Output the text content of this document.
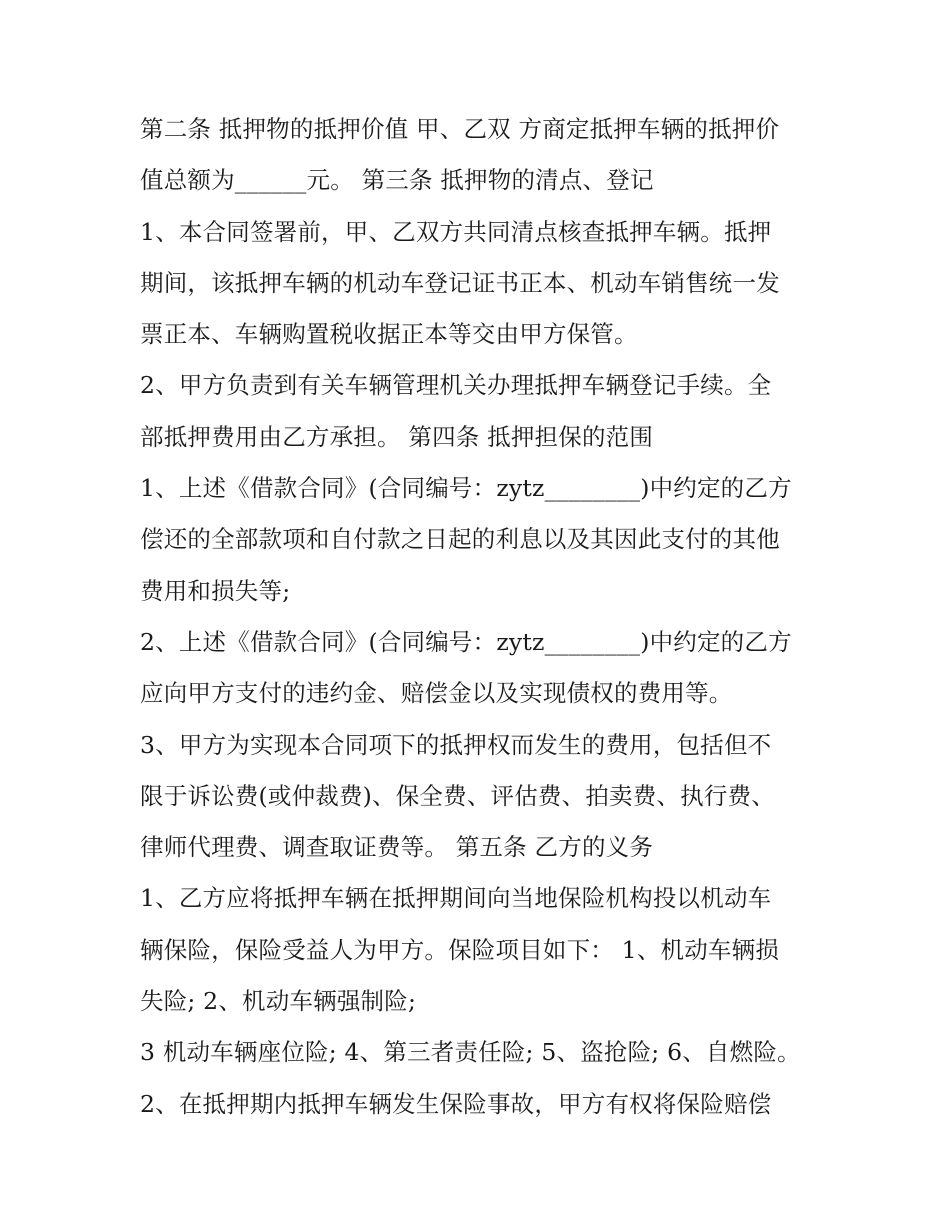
第二条 抵押物的抵押价值 甲、乙双 方商定抵押车辆的抵押价
值总额为______元。 第三条 抵押物的清点、登记
1、本合同签署前，甲、乙双方共同清点核查抵押车辆。抵押
期间，该抵押车辆的机动车登记证书正本、机动车销售统一发
票正本、车辆购置税收据正本等交由甲方保管。
2、甲方负责到有关车辆管理机关办理抵押车辆登记手续。全
部抵押费用由乙方承担。 第四条 抵押担保的范围
1、上述《借款合同》(合同编号：zytz________)中约定的乙方
偿还的全部款项和自付款之日起的利息以及其因此支付的其他
费用和损失等;
2、上述《借款合同》(合同编号：zytz________)中约定的乙方
应向甲方支付的违约金、赔偿金以及实现债权的费用等。
3、甲方为实现本合同项下的抵押权而发生的费用，包括但不
限于诉讼费(或仲裁费)、保全费、评估费、拍卖费、执行费、
律师代理费、调查取证费等。 第五条 乙方的义务
1、乙方应将抵押车辆在抵押期间向当地保险机构投以机动车
辆保险，保险受益人为甲方。保险项目如下： 1、机动车辆损
失险; 2、机动车辆强制险;
3 机动车辆座位险; 4、第三者责任险; 5、盗抢险; 6、自燃险。
2、在抵押期内抵押车辆发生保险事故，甲方有权将保险赔偿
